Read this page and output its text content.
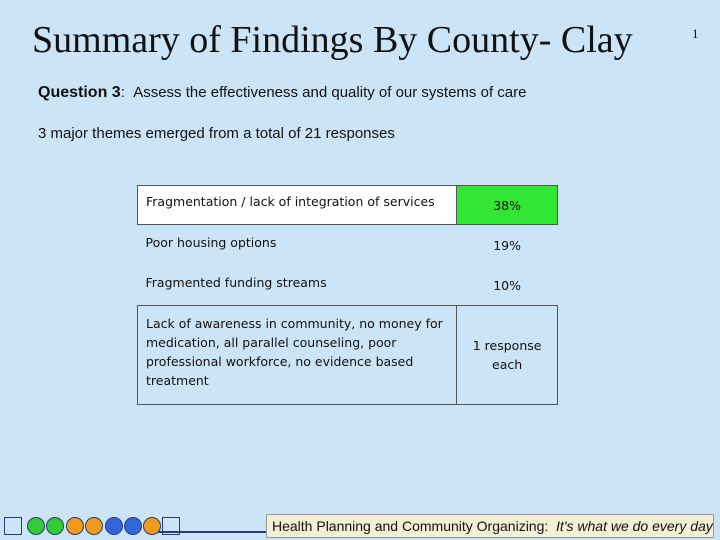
Summary of Findings By County- Clay	1
Question 3:  Assess the effectiveness and quality of our systems of care
3 major themes emerged from a total of 21 responses
Fragmentation / lack of integration of services	38%
Poor housing options	19%
Fragmented funding streams	10%
Lack of awareness in community, no money for medication, all parallel counseling, poor professional workforce, no evidence based treatment	1 response each
Health Planning and Community Organizing:  It's what we do every day
